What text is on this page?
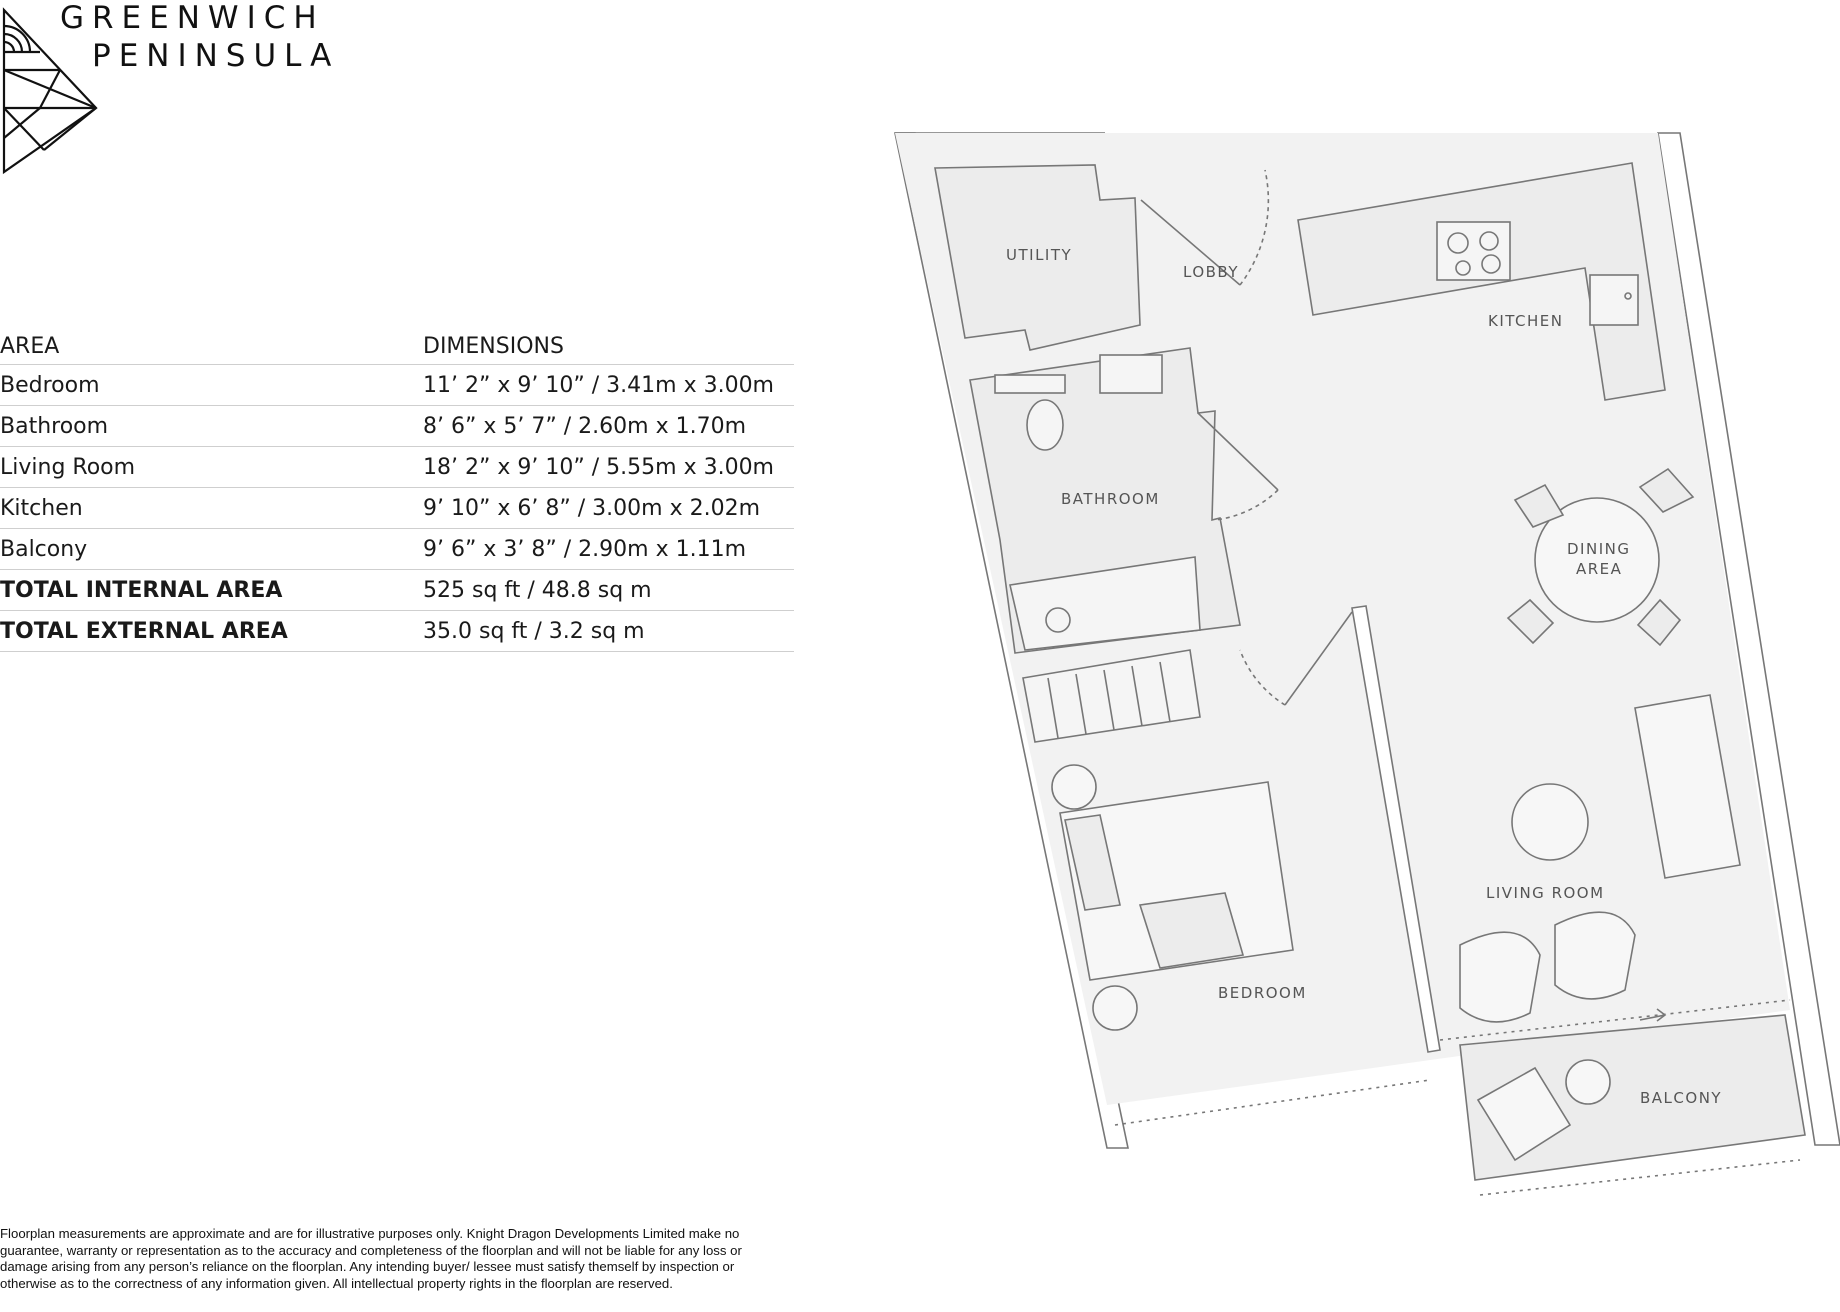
GREENWICH
PENINSULA
AREA	DIMENSIONS
Bedroom	11’ 2” x 9’ 10” / 3.41m x 3.00m
Bathroom	8’ 6” x 5’ 7” / 2.60m x 1.70m
Living Room	18’ 2” x 9’ 10” / 5.55m x 3.00m
Kitchen	9’ 10” x 6’ 8” / 3.00m x 2.02m
Balcony	9’ 6” x 3’ 8” / 2.90m x 1.11m
TOTAL INTERNAL AREA	525 sq ft / 48.8 sq m
TOTAL EXTERNAL AREA	35.0 sq ft / 3.2 sq m
UTILITY
LOBBY
KITCHEN
BATHROOM
DINING
AREA
LIVING ROOM
BEDROOM
BALCONY
Floorplan measurements are approximate and are for illustrative purposes only. Knight Dragon Developments Limited make no guarantee, warranty or representation as to the accuracy and completeness of the floorplan and will not be liable for any loss or damage arising from any person’s reliance on the floorplan. Any intending buyer/ lessee must satisfy themself by inspection or otherwise as to the correctness of any information given. All intellectual property rights in the floorplan are reserved.
